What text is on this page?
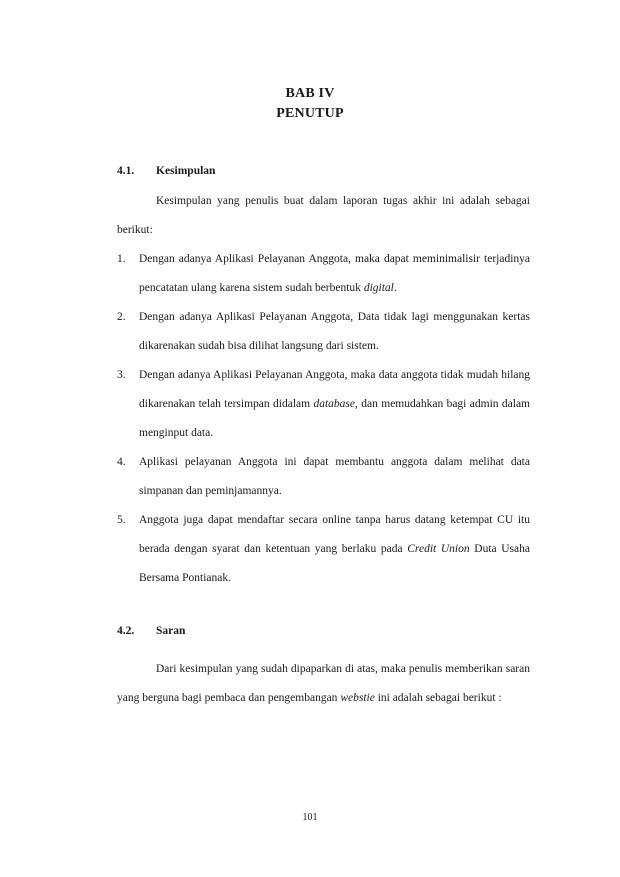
BAB IV
PENUTUP
4.1. Kesimpulan
Kesimpulan yang penulis buat dalam laporan tugas akhir ini adalah sebagai berikut:
1. Dengan adanya Aplikasi Pelayanan Anggota, maka dapat meminimalisir terjadinya pencatatan ulang karena sistem sudah berbentuk digital.
2. Dengan adanya Aplikasi Pelayanan Anggota, Data tidak lagi menggunakan kertas dikarenakan sudah bisa dilihat langsung dari sistem.
3. Dengan adanya Aplikasi Pelayanan Anggota, maka data anggota tidak mudah hilang dikarenakan telah tersimpan didalam database, dan memudahkan bagi admin dalam menginput data.
4. Aplikasi pelayanan Anggota ini dapat membantu anggota dalam melihat data simpanan dan peminjamannya.
5. Anggota juga dapat mendaftar secara online tanpa harus datang ketempat CU itu berada dengan syarat dan ketentuan yang berlaku pada Credit Union Duta Usaha Bersama Pontianak.
4.2. Saran
Dari kesimpulan yang sudah dipaparkan di atas, maka penulis memberikan saran yang berguna bagi pembaca dan pengembangan webstie ini adalah sebagai berikut :
101
